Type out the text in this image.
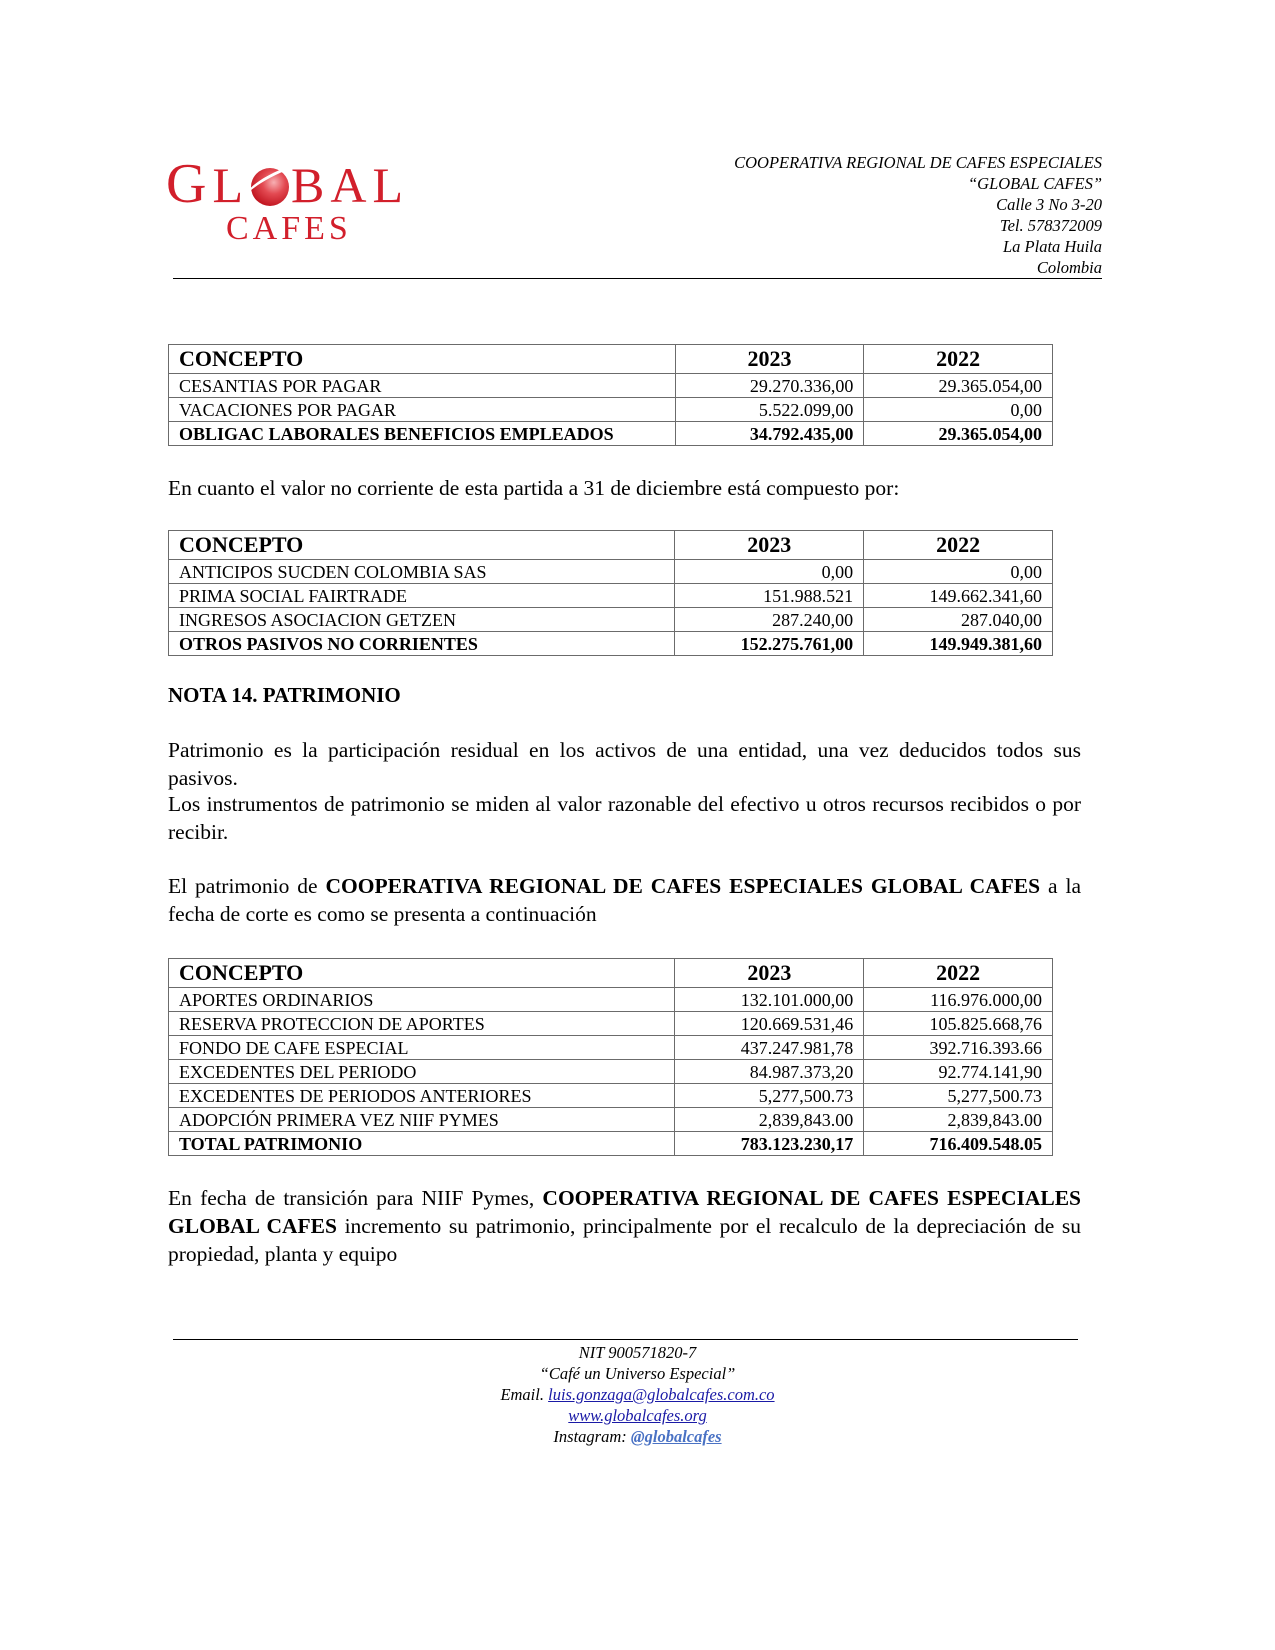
GL BAL
CAFES
COOPERATIVA REGIONAL DE CAFES ESPECIALES
“GLOBAL CAFES”
Calle 3 No 3-20
Tel. 578372009
La Plata Huila
Colombia
CONCEPTO	2023	2022
CESANTIAS POR PAGAR	29.270.336,00	29.365.054,00
VACACIONES POR PAGAR	5.522.099,00	0,00
OBLIGAC LABORALES BENEFICIOS EMPLEADOS	34.792.435,00	29.365.054,00
En cuanto el valor no corriente de esta partida a 31 de diciembre está compuesto por:
CONCEPTO	2023	2022
ANTICIPOS SUCDEN COLOMBIA SAS	0,00	0,00
PRIMA SOCIAL FAIRTRADE	151.988.521	149.662.341,60
INGRESOS ASOCIACION GETZEN	287.240,00	287.040,00
OTROS PASIVOS NO CORRIENTES	152.275.761,00	149.949.381,60
NOTA 14. PATRIMONIO
Patrimonio es la participación residual en los activos de una entidad, una vez deducidos todos sus pasivos.
Los instrumentos de patrimonio se miden al valor razonable del efectivo u otros recursos recibidos o por recibir.
El patrimonio de COOPERATIVA REGIONAL DE CAFES ESPECIALES GLOBAL CAFES a la fecha de corte es como se presenta a continuación
CONCEPTO	2023	2022
APORTES ORDINARIOS	132.101.000,00	116.976.000,00
RESERVA PROTECCION DE APORTES	120.669.531,46	105.825.668,76
FONDO DE CAFE ESPECIAL	437.247.981,78	392.716.393.66
EXCEDENTES DEL PERIODO	84.987.373,20	92.774.141,90
EXCEDENTES DE PERIODOS ANTERIORES	5,277,500.73	5,277,500.73
ADOPCIÓN PRIMERA VEZ NIIF PYMES	2,839,843.00	2,839,843.00
TOTAL PATRIMONIO	783.123.230,17	716.409.548.05
En fecha de transición para NIIF Pymes, COOPERATIVA REGIONAL DE CAFES ESPECIALES GLOBAL CAFES incremento su patrimonio, principalmente por el recalculo de la depreciación de su propiedad, planta y equipo
NIT 900571820-7
“Café un Universo Especial”
Email. luis.gonzaga@globalcafes.com.co
www.globalcafes.org
Instagram: @globalcafes
